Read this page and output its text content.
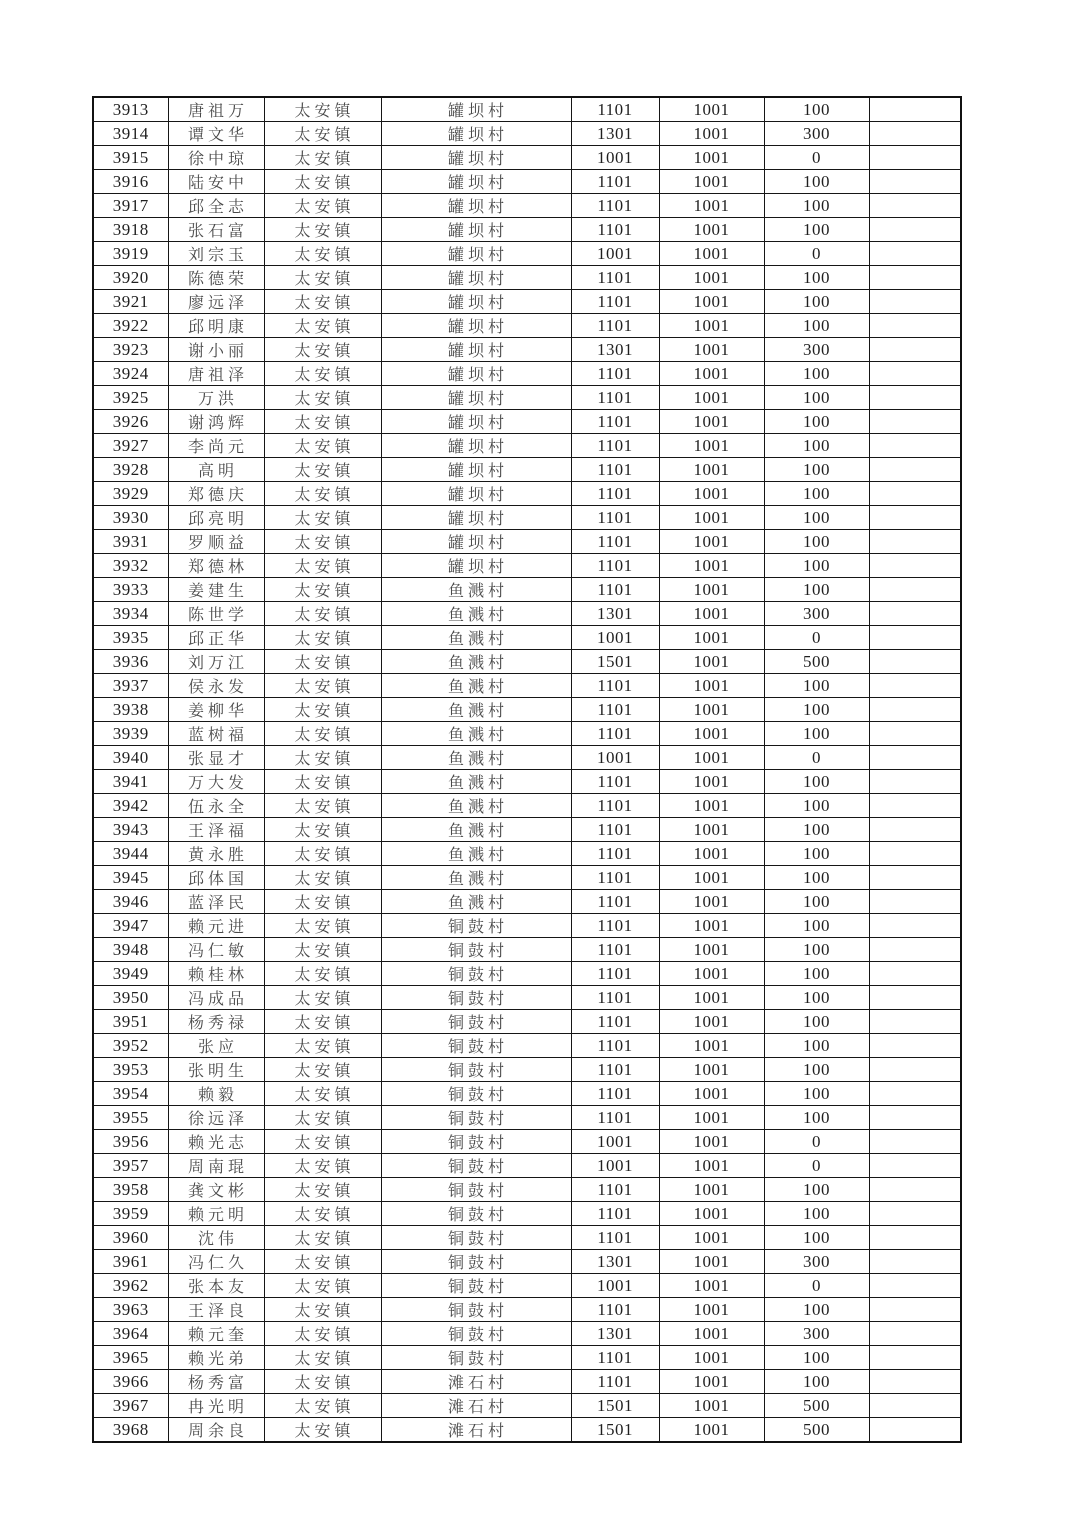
3913	唐祖万	太安镇	罐坝村	1101	1001	100	
3914	谭文华	太安镇	罐坝村	1301	1001	300	
3915	徐中琼	太安镇	罐坝村	1001	1001	0	
3916	陆安中	太安镇	罐坝村	1101	1001	100	
3917	邱全志	太安镇	罐坝村	1101	1001	100	
3918	张石富	太安镇	罐坝村	1101	1001	100	
3919	刘宗玉	太安镇	罐坝村	1001	1001	0	
3920	陈德荣	太安镇	罐坝村	1101	1001	100	
3921	廖远泽	太安镇	罐坝村	1101	1001	100	
3922	邱明康	太安镇	罐坝村	1101	1001	100	
3923	谢小丽	太安镇	罐坝村	1301	1001	300	
3924	唐祖泽	太安镇	罐坝村	1101	1001	100	
3925	万洪	太安镇	罐坝村	1101	1001	100	
3926	谢鸿辉	太安镇	罐坝村	1101	1001	100	
3927	李尚元	太安镇	罐坝村	1101	1001	100	
3928	高明	太安镇	罐坝村	1101	1001	100	
3929	郑德庆	太安镇	罐坝村	1101	1001	100	
3930	邱亮明	太安镇	罐坝村	1101	1001	100	
3931	罗顺益	太安镇	罐坝村	1101	1001	100	
3932	郑德林	太安镇	罐坝村	1101	1001	100	
3933	姜建生	太安镇	鱼溅村	1101	1001	100	
3934	陈世学	太安镇	鱼溅村	1301	1001	300	
3935	邱正华	太安镇	鱼溅村	1001	1001	0	
3936	刘万江	太安镇	鱼溅村	1501	1001	500	
3937	侯永发	太安镇	鱼溅村	1101	1001	100	
3938	姜柳华	太安镇	鱼溅村	1101	1001	100	
3939	蓝树福	太安镇	鱼溅村	1101	1001	100	
3940	张显才	太安镇	鱼溅村	1001	1001	0	
3941	万大发	太安镇	鱼溅村	1101	1001	100	
3942	伍永全	太安镇	鱼溅村	1101	1001	100	
3943	王泽福	太安镇	鱼溅村	1101	1001	100	
3944	黄永胜	太安镇	鱼溅村	1101	1001	100	
3945	邱体国	太安镇	鱼溅村	1101	1001	100	
3946	蓝泽民	太安镇	鱼溅村	1101	1001	100	
3947	赖元进	太安镇	铜鼓村	1101	1001	100	
3948	冯仁敏	太安镇	铜鼓村	1101	1001	100	
3949	赖桂林	太安镇	铜鼓村	1101	1001	100	
3950	冯成品	太安镇	铜鼓村	1101	1001	100	
3951	杨秀禄	太安镇	铜鼓村	1101	1001	100	
3952	张应	太安镇	铜鼓村	1101	1001	100	
3953	张明生	太安镇	铜鼓村	1101	1001	100	
3954	赖毅	太安镇	铜鼓村	1101	1001	100	
3955	徐远泽	太安镇	铜鼓村	1101	1001	100	
3956	赖光志	太安镇	铜鼓村	1001	1001	0	
3957	周南琨	太安镇	铜鼓村	1001	1001	0	
3958	龚文彬	太安镇	铜鼓村	1101	1001	100	
3959	赖元明	太安镇	铜鼓村	1101	1001	100	
3960	沈伟	太安镇	铜鼓村	1101	1001	100	
3961	冯仁久	太安镇	铜鼓村	1301	1001	300	
3962	张本友	太安镇	铜鼓村	1001	1001	0	
3963	王泽良	太安镇	铜鼓村	1101	1001	100	
3964	赖元奎	太安镇	铜鼓村	1301	1001	300	
3965	赖光弟	太安镇	铜鼓村	1101	1001	100	
3966	杨秀富	太安镇	滩石村	1101	1001	100	
3967	冉光明	太安镇	滩石村	1501	1001	500	
3968	周余良	太安镇	滩石村	1501	1001	500	
